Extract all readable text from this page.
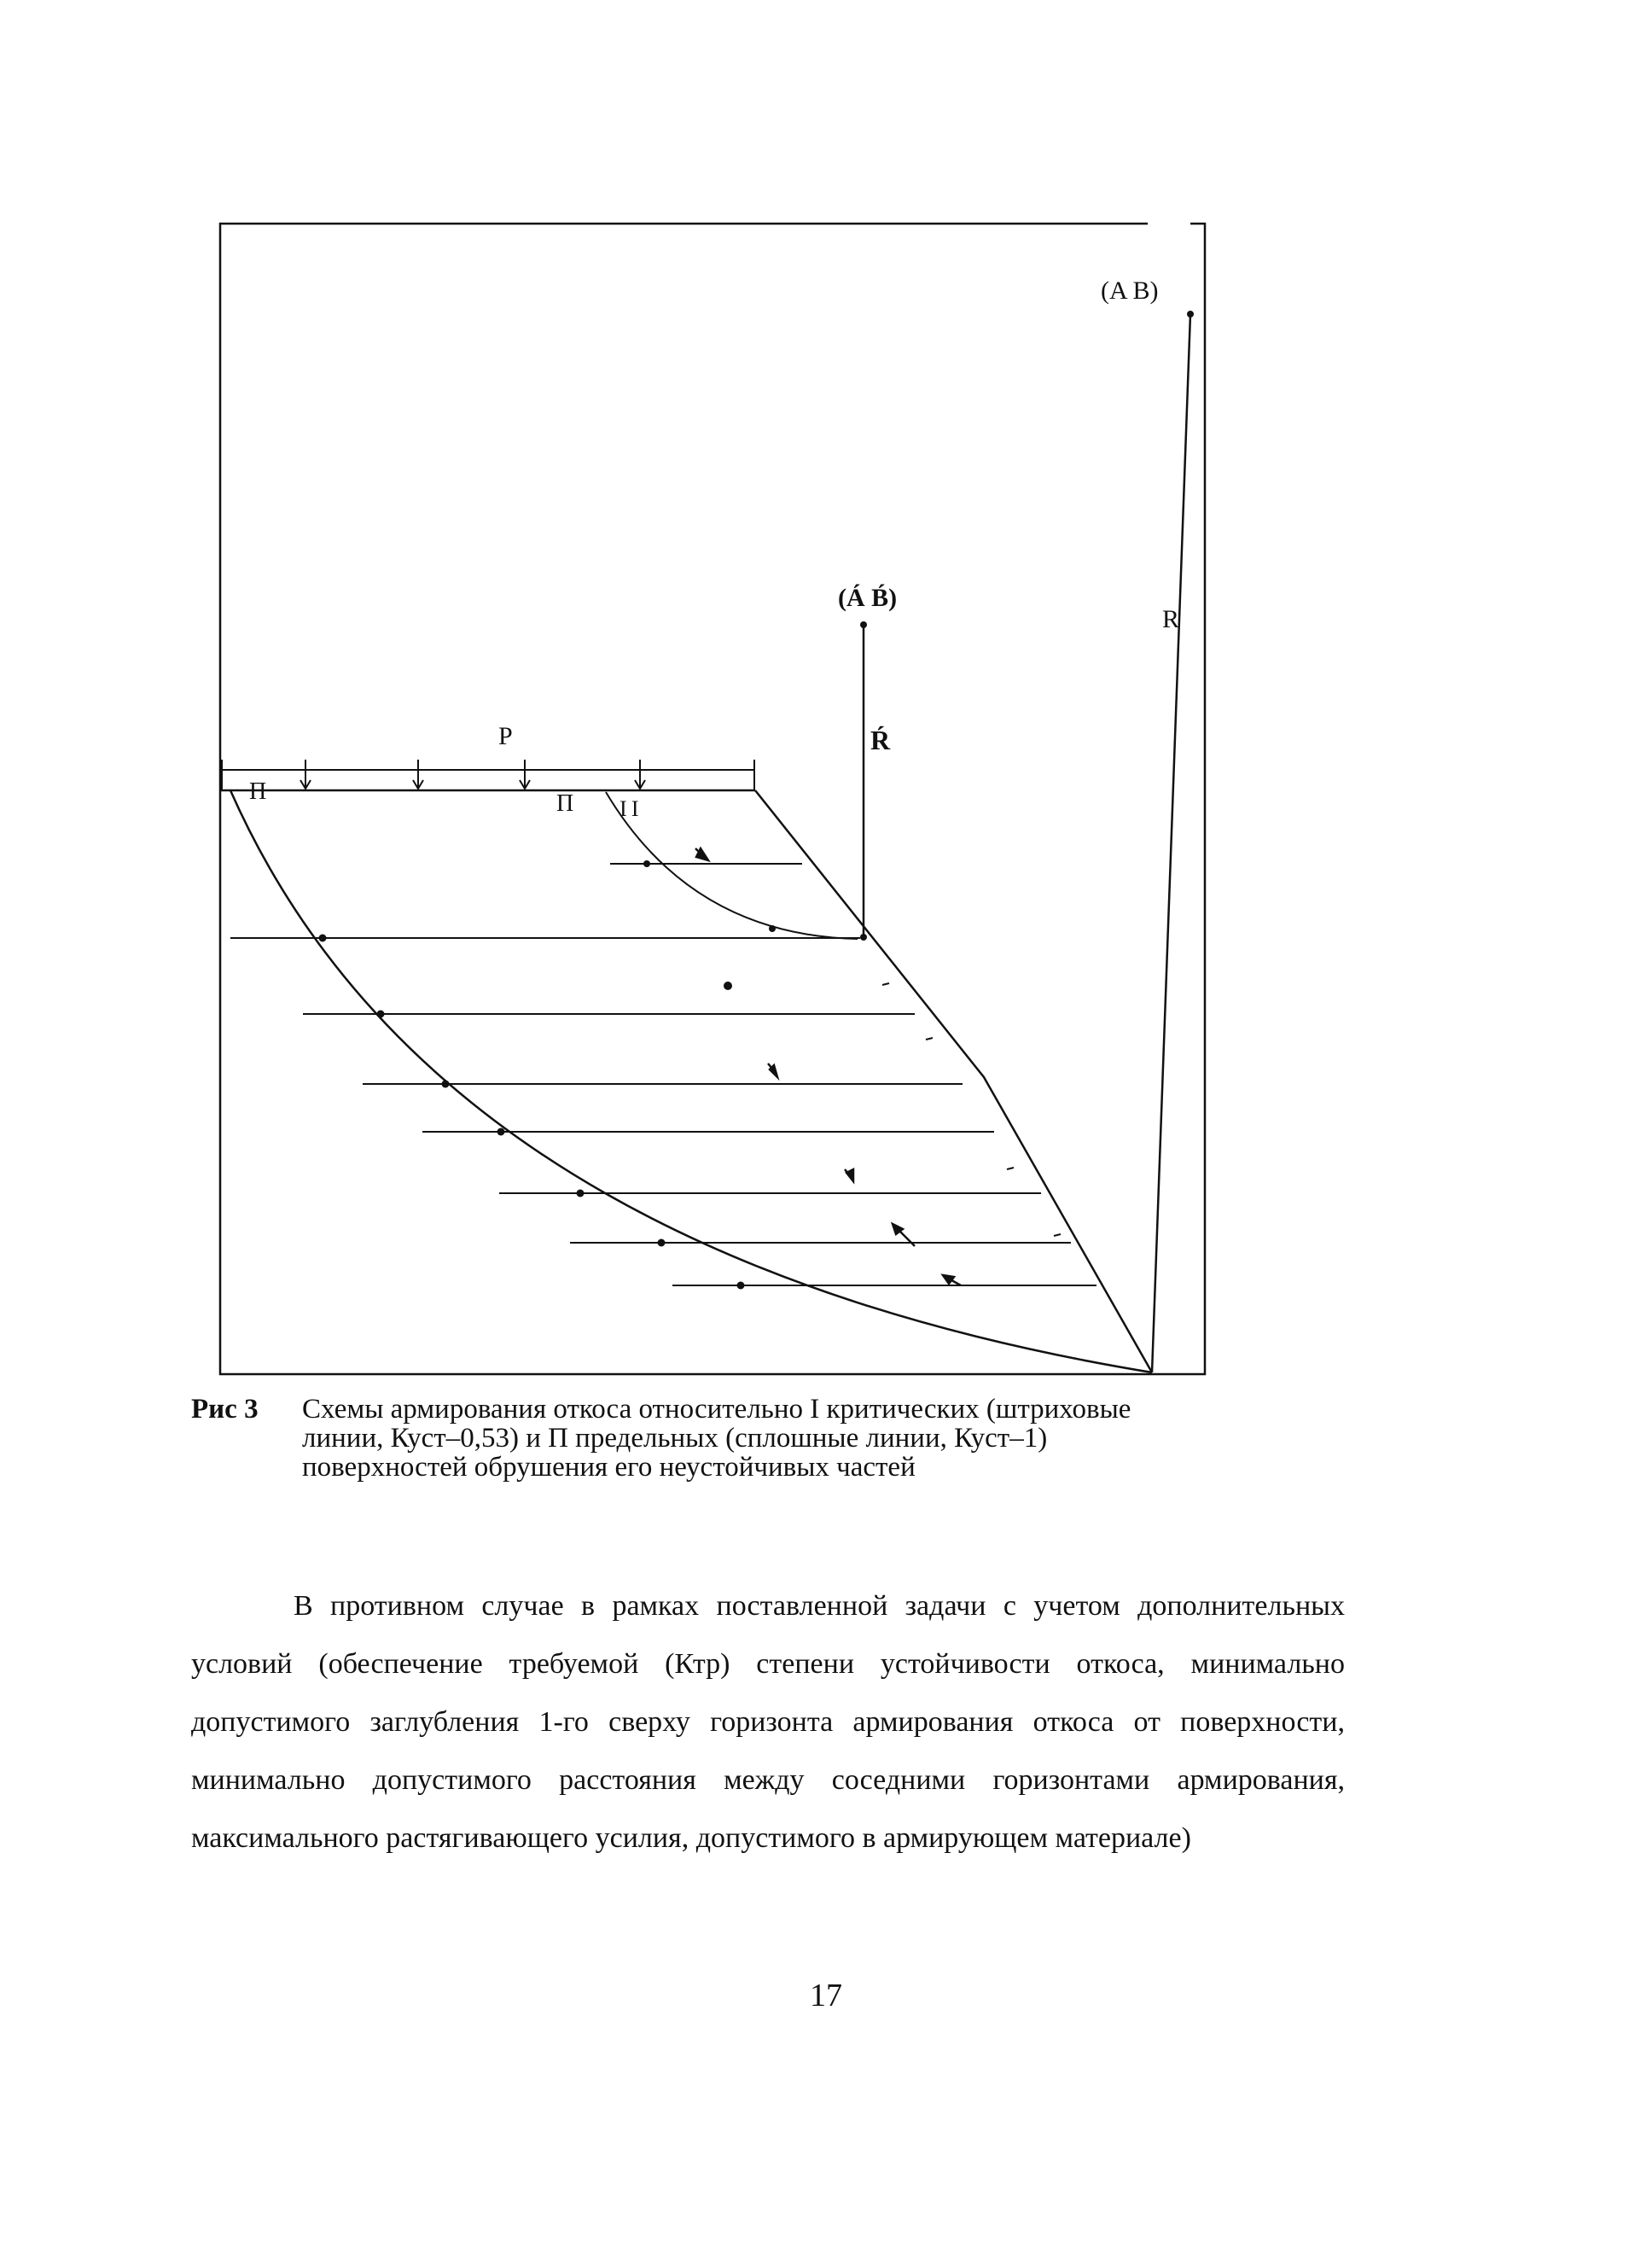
(A B)
(Á B́)
R
Ŕ
P
П	П I I
Рис 3	Схемы армирования откоса относительно I критических (штриховые линии, Куст–0,53) и П предельных (сплошные линии, Куст–1) поверхностей обрушения его неустойчивых частей

В противном случае в рамках поставленной задачи с учетом дополнительных условий (обеспечение требуемой (Ктр) степени устойчивости откоса, минимально допустимого заглубления 1-го сверху горизонта армирования откоса от поверхности, минимально допустимого расстояния между соседними горизонтами армирования, максимального растягивающего усилия, допустимого в армирующем материале)

17
